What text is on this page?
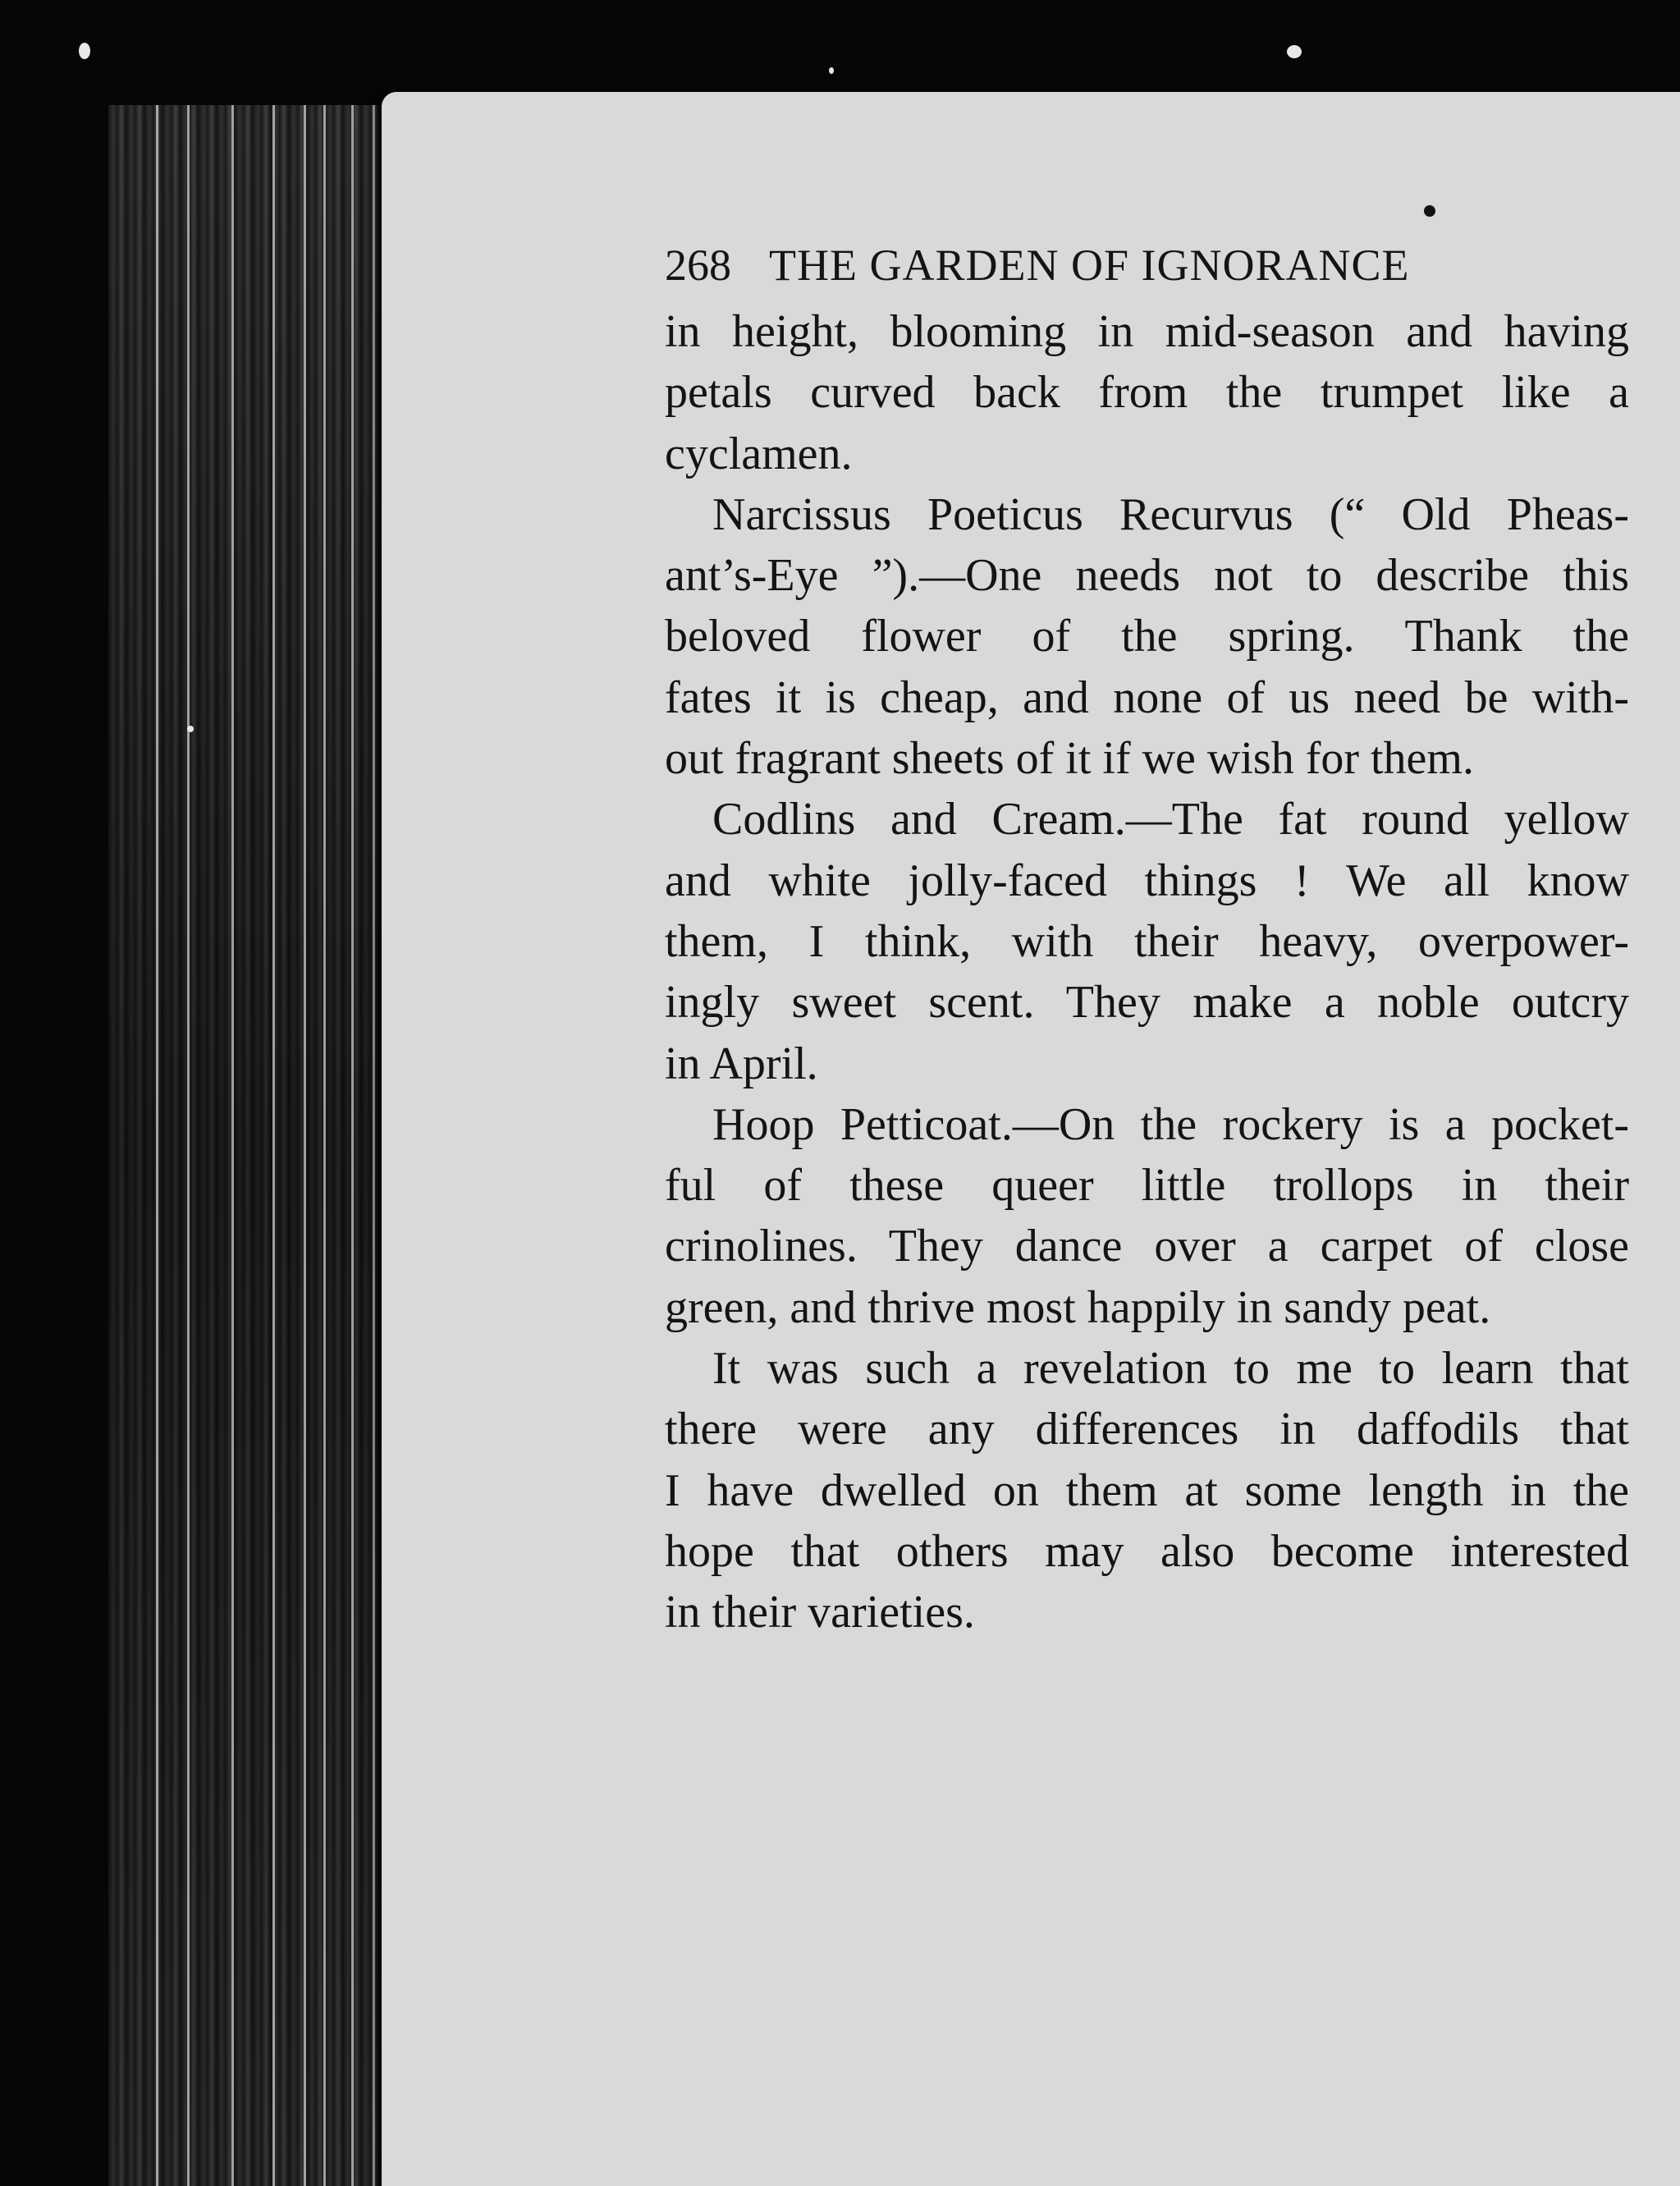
268 THE GARDEN OF IGNORANCE

in height, blooming in mid-season and having

petals curved back from the trumpet like a

cyclamen.

Narcissus Poeticus Recurvus (“ Old Pheas-

ant’s-Eye ”).—One needs not to describe this

beloved flower of the spring. Thank the

fates it is cheap, and none of us need be with-

out fragrant sheets of it if we wish for them.

Codlins and Cream.—The fat round yellow

and white jolly-faced things ! We all know

them, I think, with their heavy, overpower-

ingly sweet scent. They make a noble outcry

in April.

Hoop Petticoat.—On the rockery is a pocket-

ful of these queer little trollops in their

crinolines. They dance over a carpet of close

green, and thrive most happily in sandy peat.

It was such a revelation to me to learn that

there were any differences in daffodils that

I have dwelled on them at some length in the

hope that others may also become interested

in their varieties.
